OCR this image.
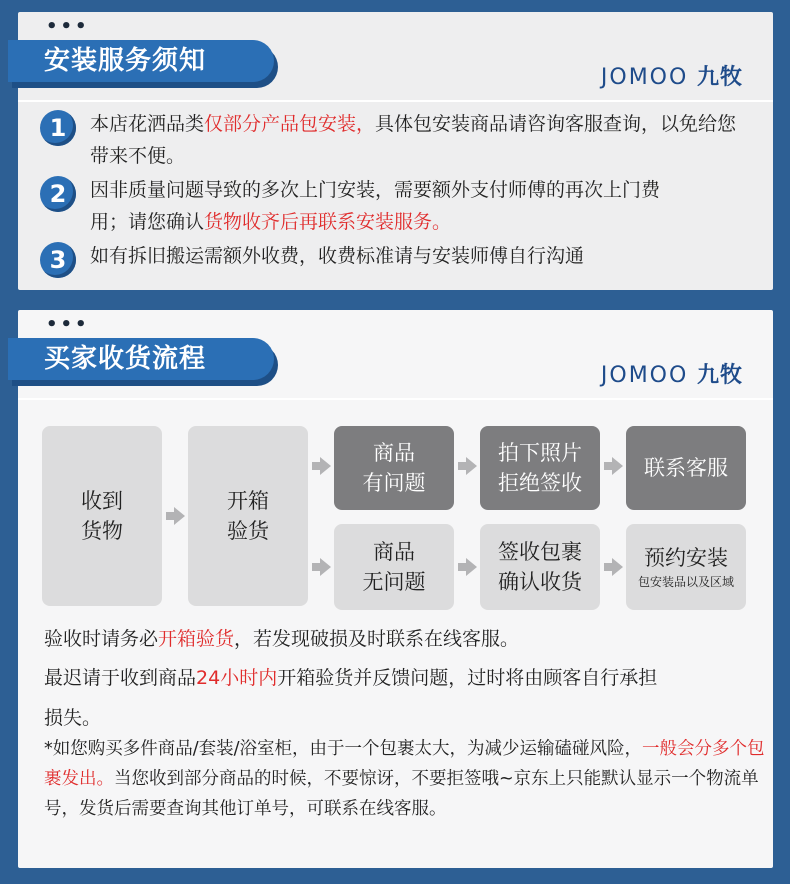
•••
安装服务须知
JOMOO 九牧
1	本店花洒品类仅部分产品包安装，具体包安装商品请咨询客服查询，以免给您带来不便。
2	因非质量问题导致的多次上门安装，需要额外支付师傅的再次上门费用；请您确认货物收齐后再联系安装服务。
3	如有拆旧搬运需额外收费，收费标准请与安装师傅自行沟通
•••
买家收货流程
JOMOO 九牧
收到
货物
开箱
验货
商品
有问题
拍下照片
拒绝签收
联系客服
商品
无问题
签收包裹
确认收货
预约安装
包安装品以及区域
验收时请务必开箱验货，若发现破损及时联系在线客服。
最迟请于收到商品24小时内开箱验货并反馈问题，过时将由顾客自行承担损失。
*如您购买多件商品/套装/浴室柜，由于一个包裹太大，为减少运输磕碰风险，一般会分多个包裹发出。当您收到部分商品的时候，不要惊讶，不要拒签哦~京东上只能默认显示一个物流单号，发货后需要查询其他订单号，可联系在线客服。
